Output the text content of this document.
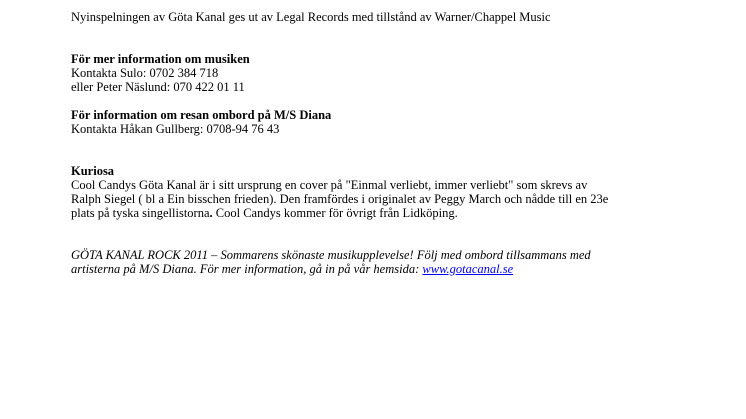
Nyinspelningen av Göta Kanal ges ut av Legal Records med tillstånd av Warner/Chappel Music

För mer information om musiken

Kontakta Sulo: 0702 384 718

eller Peter Näslund: 070 422 01 11

För information om resan ombord på M/S Diana

Kontakta Håkan Gullberg: 0708-94 76 43

Kuriosa

Cool Candys Göta Kanal är i sitt ursprung en cover på "Einmal verliebt, immer verliebt" som skrevs av

Ralph Siegel ( bl a Ein bisschen frieden). Den framfördes i originalet av Peggy March och nådde till en 23e

plats på tyska singellistorna. Cool Candys kommer för övrigt från Lidköping.

GÖTA KANAL ROCK 2011 – Sommarens skönaste musikupplevelse! Följ med ombord tillsammans med

artisterna på M/S Diana. För mer information, gå in på vår hemsida: www.gotacanal.se
